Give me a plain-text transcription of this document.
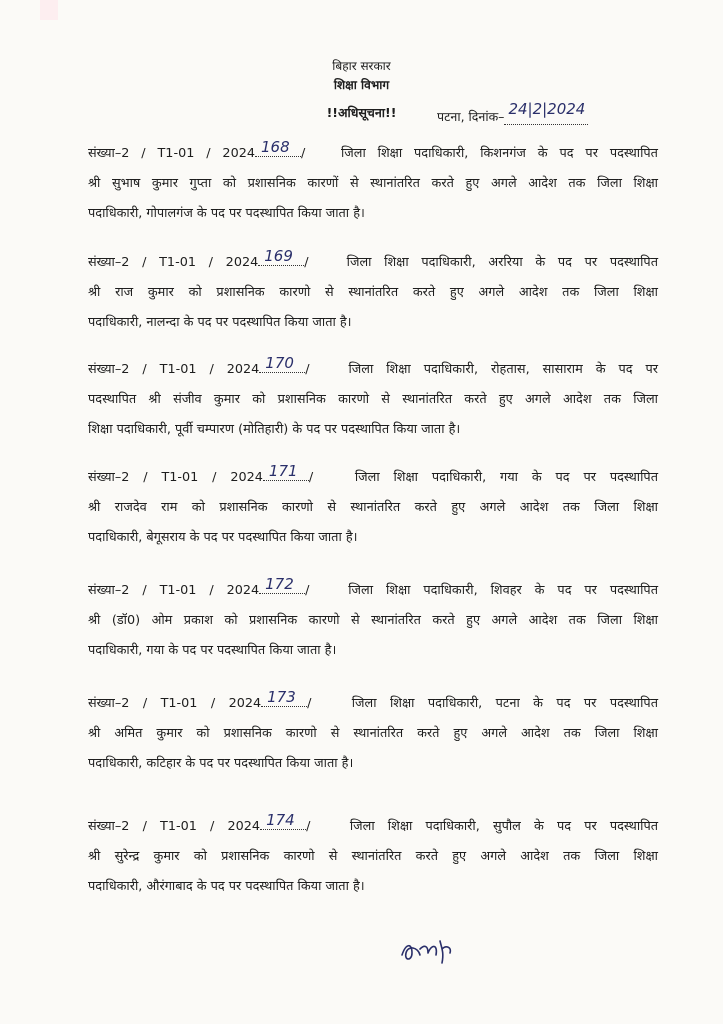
बिहार सरकार
शिक्षा विभाग
!!अधिसूचना!!	पटना, दिनांक– 24|2|2024
संख्या–2 / T1-01 / 2024 168 /	जिला शिक्षा पदाधिकारी, किशनगंज के पद पर पदस्थापित
श्री सुभाष कुमार गुप्ता को प्रशासनिक कारणों से स्थानांतरित करते हुए अगले आदेश तक जिला शिक्षा
पदाधिकारी, गोपालगंज के पद पर पदस्थापित किया जाता है।
संख्या–2 / T1-01 / 2024 169 /	जिला शिक्षा पदाधिकारी, अररिया के पद पर पदस्थापित
श्री राज कुमार को प्रशासनिक कारणो से स्थानांतरित करते हुए अगले आदेश तक जिला शिक्षा
पदाधिकारी, नालन्दा के पद पर पदस्थापित किया जाता है।
संख्या–2 / T1-01 / 2024 170 /	जिला शिक्षा पदाधिकारी, रोहतास, सासाराम के पद पर
पदस्थापित श्री संजीव कुमार को प्रशासनिक कारणो से स्थानांतरित करते हुए अगले आदेश तक जिला
शिक्षा पदाधिकारी, पूर्वी चम्पारण (मोतिहारी) के पद पर पदस्थापित किया जाता है।
संख्या–2 / T1-01 / 2024 171 /	जिला शिक्षा पदाधिकारी, गया के पद पर पदस्थापित
श्री राजदेव राम को प्रशासनिक कारणो से स्थानांतरित करते हुए अगले आदेश तक जिला शिक्षा
पदाधिकारी, बेगूसराय के पद पर पदस्थापित किया जाता है।
संख्या–2 / T1-01 / 2024 172 /	जिला शिक्षा पदाधिकारी, शिवहर के पद पर पदस्थापित
श्री (डॉ0) ओम प्रकाश को प्रशासनिक कारणो से स्थानांतरित करते हुए अगले आदेश तक जिला शिक्षा
पदाधिकारी, गया के पद पर पदस्थापित किया जाता है।
संख्या–2 / T1-01 / 2024 173 /	जिला शिक्षा पदाधिकारी, पटना के पद पर पदस्थापित
श्री अमित कुमार को प्रशासनिक कारणो से स्थानांतरित करते हुए अगले आदेश तक जिला शिक्षा
पदाधिकारी, कटिहार के पद पर पदस्थापित किया जाता है।
संख्या–2 / T1-01 / 2024 174 /	जिला शिक्षा पदाधिकारी, सुपौल के पद पर पदस्थापित
श्री सुरेन्द्र कुमार को प्रशासनिक कारणो से स्थानांतरित करते हुए अगले आदेश तक जिला शिक्षा
पदाधिकारी, औरंगाबाद के पद पर पदस्थापित किया जाता है।
